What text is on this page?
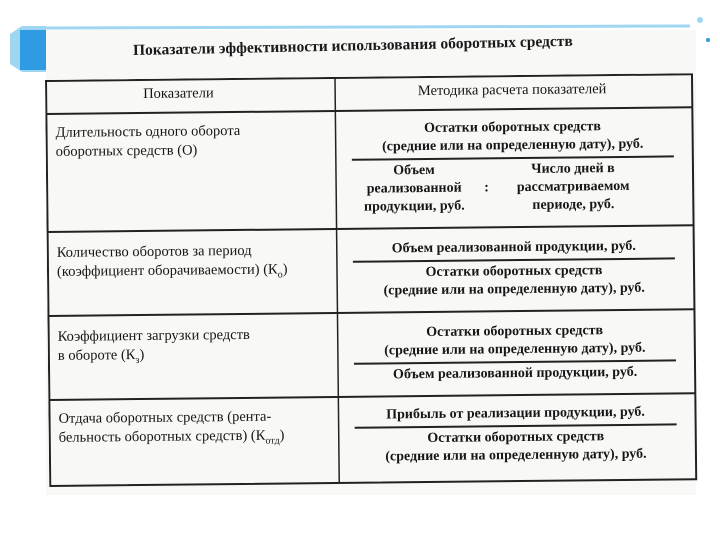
Показатели эффективности использования оборотных средств
Показатели	Методика расчета показателей
Длительность одного оборота
оборотных средств (О)
Остатки оборотных средств
(средние или на определенную дату), руб.
Объем
реализованной
продукции, руб.
:
Число дней в
рассматриваемом
периоде, руб.
Количество оборотов за период
(коэффициент оборачиваемости) $(К_о)$
Объем реализованной продукции, руб.
Остатки оборотных средств
(средние или на определенную дату), руб.
Коэффициент загрузки средств
в обороте $(К_з)$
Остатки оборотных средств
(средние или на определенную дату), руб.
Объем реализованной продукции, руб.
Отдача оборотных средств (рента-
бельность оборотных средств) $(К_{отд})$
Прибыль от реализации продукции, руб.
Остатки оборотных средств
(средние или на определенную дату), руб.
